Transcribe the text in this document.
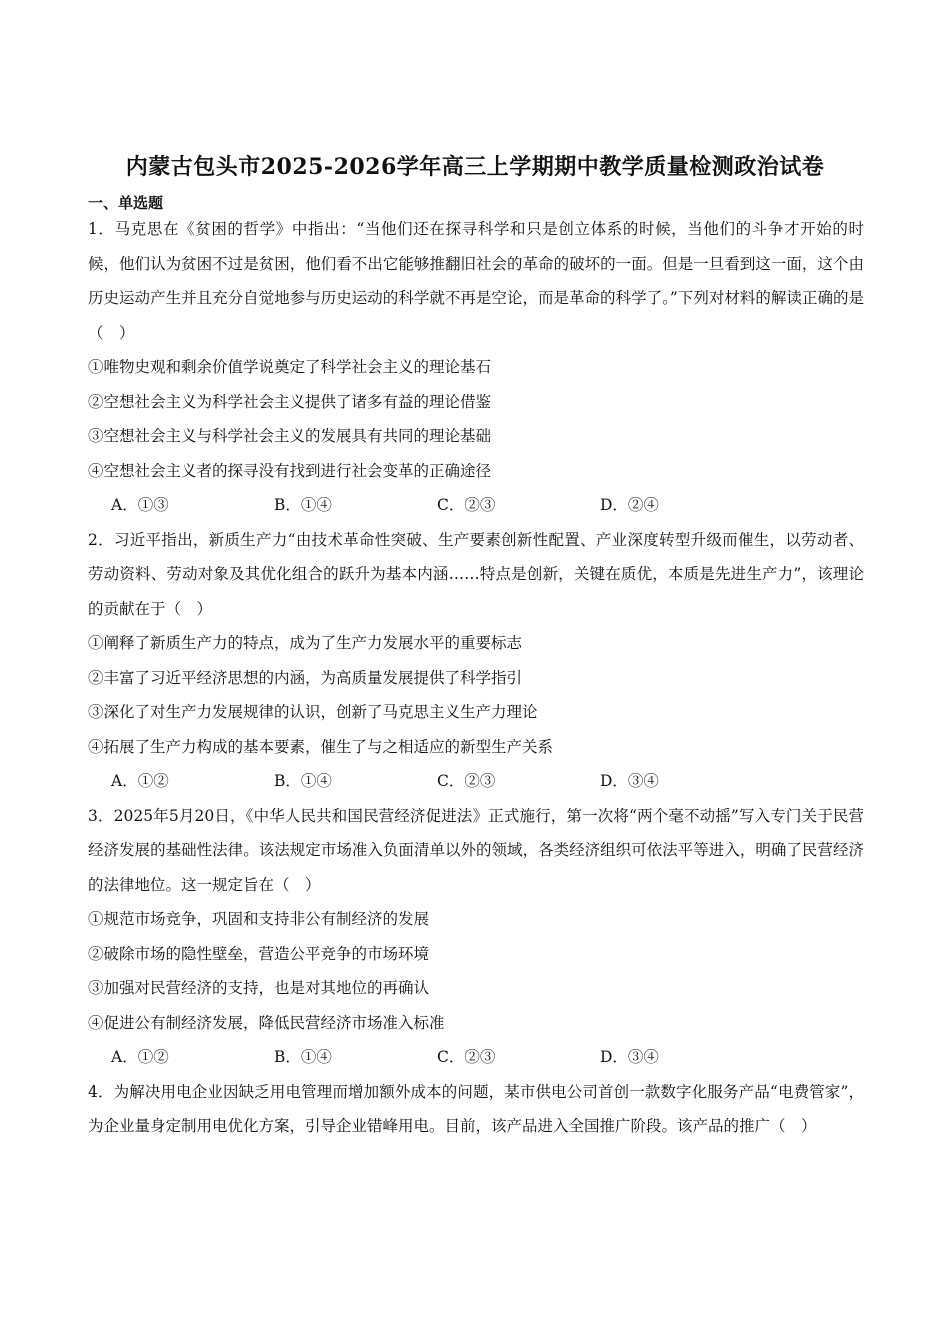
内蒙古包头市2025-2026学年高三上学期期中教学质量检测政治试卷
一、单选题

1．马克思在《贫困的哲学》中指出：“当他们还在探寻科学和只是创立体系的时候，当他们的斗争才开始的时候，他们认为贫困不过是贫困，他们看不出它能够推翻旧社会的革命的破坏的一面。但是一旦看到这一面，这个由历史运动产生并且充分自觉地参与历史运动的科学就不再是空论，而是革命的科学了。”下列对材料的解读正确的是（　）

①唯物史观和剩余价值学说奠定了科学社会主义的理论基石

②空想社会主义为科学社会主义提供了诸多有益的理论借鉴

③空想社会主义与科学社会主义的发展具有共同的理论基础

④空想社会主义者的探寻没有找到进行社会变革的正确途径

A．①③	B．①④	C．②③	D．②④

2．习近平指出，新质生产力“由技术革命性突破、生产要素创新性配置、产业深度转型升级而催生，以劳动者、劳动资料、劳动对象及其优化组合的跃升为基本内涵……特点是创新，关键在质优，本质是先进生产力”，该理论的贡献在于（　）

①阐释了新质生产力的特点，成为了生产力发展水平的重要标志

②丰富了习近平经济思想的内涵，为高质量发展提供了科学指引

③深化了对生产力发展规律的认识，创新了马克思主义生产力理论

④拓展了生产力构成的基本要素，催生了与之相适应的新型生产关系

A．①②	B．①④	C．②③	D．③④

3．2025年5月20日，《中华人民共和国民营经济促进法》正式施行，第一次将“两个毫不动摇”写入专门关于民营经济发展的基础性法律。该法规定市场准入负面清单以外的领域，各类经济组织可依法平等进入，明确了民营经济的法律地位。这一规定旨在（　）

①规范市场竞争，巩固和支持非公有制经济的发展

②破除市场的隐性壁垒，营造公平竞争的市场环境

③加强对民营经济的支持，也是对其地位的再确认

④促进公有制经济发展，降低民营经济市场准入标准

A．①②	B．①④	C．②③	D．③④

4．为解决用电企业因缺乏用电管理而增加额外成本的问题，某市供电公司首创一款数字化服务产品“电费管家”，为企业量身定制用电优化方案，引导企业错峰用电。目前，该产品进入全国推广阶段。该产品的推广（　）
